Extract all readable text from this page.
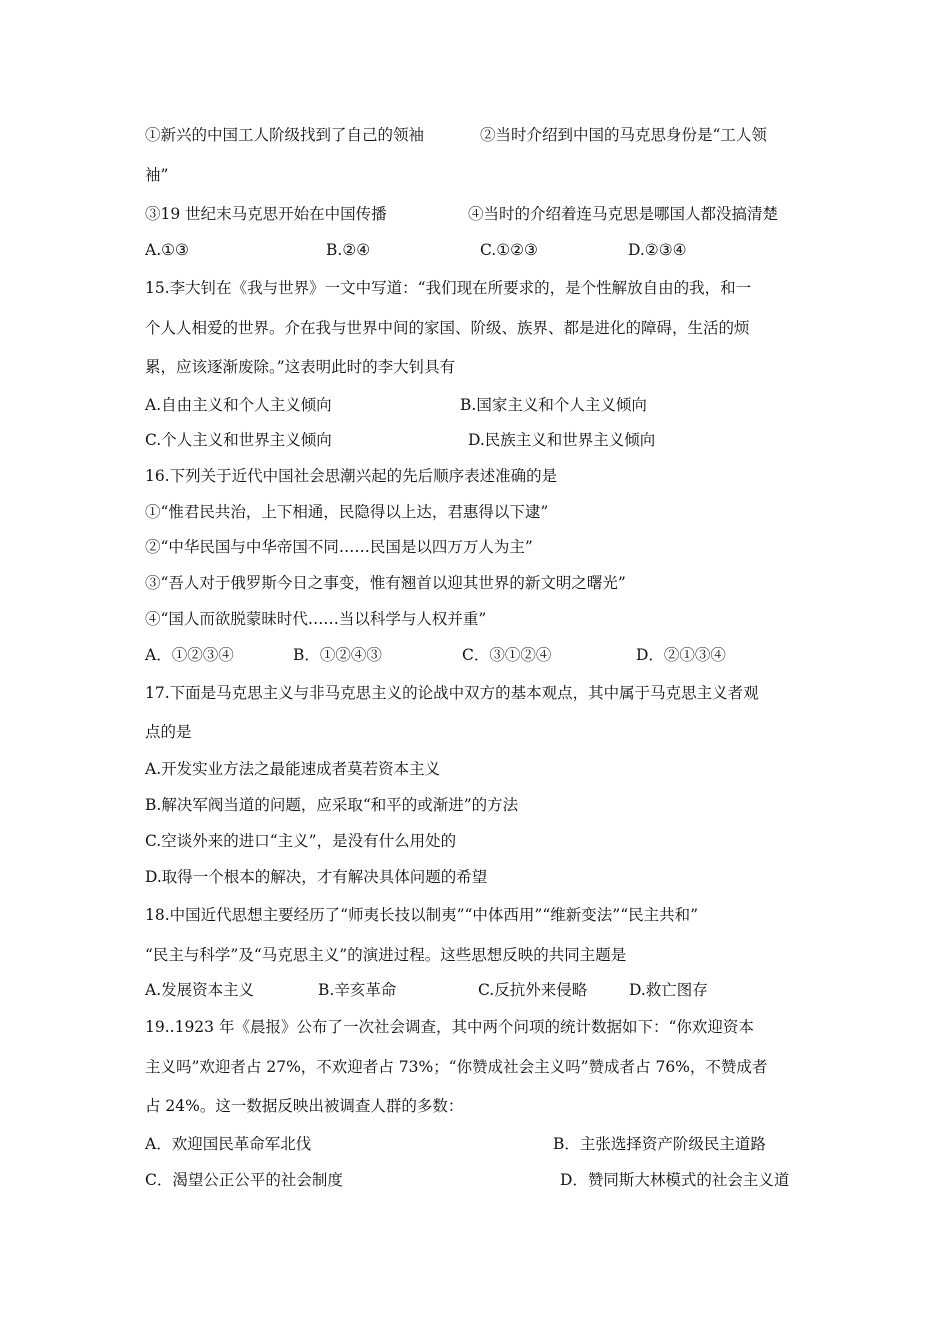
①新兴的中国工人阶级找到了自己的领袖	②当时介绍到中国的马克思身份是“工人领
袖”
③19 世纪末马克思开始在中国传播	④当时的介绍着连马克思是哪国人都没搞清楚
A.①③	B.②④	C.①②③	D.②③④
15.李大钊在《我与世界》一文中写道：“我们现在所要求的，是个性解放自由的我，和一
个人人相爱的世界。介在我与世界中间的家国、阶级、族界、都是进化的障碍，生活的烦
累，应该逐渐废除。”这表明此时的李大钊具有
A.自由主义和个人主义倾向	B.国家主义和个人主义倾向
C.个人主义和世界主义倾向	D.民族主义和世界主义倾向
16.下列关于近代中国社会思潮兴起的先后顺序表述准确的是
①“惟君民共治，上下相通，民隐得以上达，君惠得以下逮”
②“中华民国与中华帝国不同……民国是以四万万人为主”
③“吾人对于俄罗斯今日之事变，惟有翘首以迎其世界的新文明之曙光”
④“国人而欲脱蒙昧时代……当以科学与人权并重”
A．①②③④	B．①②④③	C．③①②④	D．②①③④
17.下面是马克思主义与非马克思主义的论战中双方的基本观点，其中属于马克思主义者观
点的是
A.开发实业方法之最能速成者莫若资本主义
B.解决军阀当道的问题，应采取“和平的或渐进”的方法
C.空谈外来的进口“主义”，是没有什么用处的
D.取得一个根本的解决，才有解决具体问题的希望
18.中国近代思想主要经历了“师夷长技以制夷”“中体西用”“维新变法”“民主共和”
“民主与科学”及“马克思主义”的演进过程。这些思想反映的共同主题是
A.发展资本主义	B.辛亥革命	C.反抗外来侵略	D.救亡图存
19..1923 年《晨报》公布了一次社会调查，其中两个问项的统计数据如下：“你欢迎资本
主义吗”欢迎者占 27%，不欢迎者占 73%；“你赞成社会主义吗”赞成者占 76%，不赞成者
占 24%。这一数据反映出被调查人群的多数：
A．欢迎国民革命军北伐	B．主张选择资产阶级民主道路
C．渴望公正公平的社会制度	D．赞同斯大林模式的社会主义道
